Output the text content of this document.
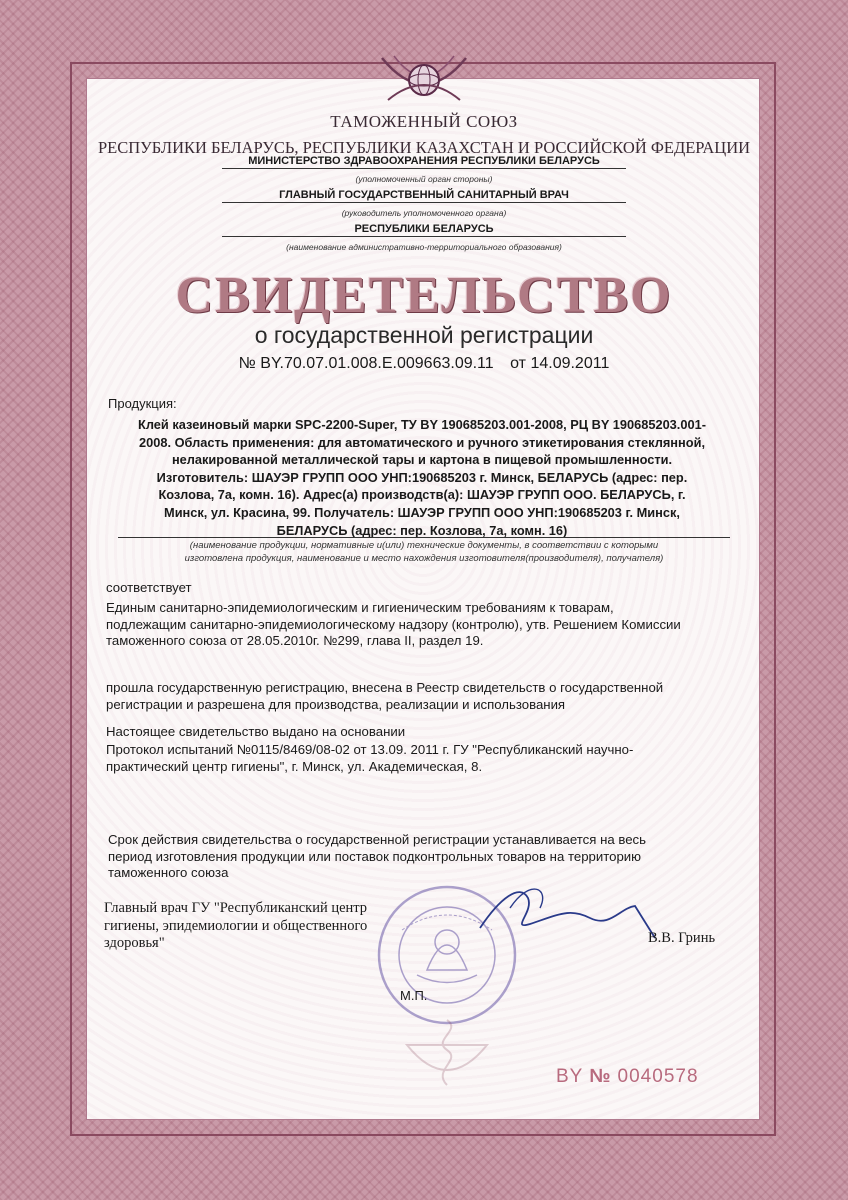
ТАМОЖЕННЫЙ СОЮЗ
РЕСПУБЛИКИ БЕЛАРУСЬ, РЕСПУБЛИКИ КАЗАХСТАН И РОССИЙСКОЙ ФЕДЕРАЦИИ
МИНИСТЕРСТВО ЗДРАВООХРАНЕНИЯ РЕСПУБЛИКИ БЕЛАРУСЬ
(уполномоченный орган стороны)
ГЛАВНЫЙ ГОСУДАРСТВЕННЫЙ САНИТАРНЫЙ ВРАЧ
(руководитель уполномоченного органа)
РЕСПУБЛИКИ БЕЛАРУСЬ
(наименование административно-территориального образования)
СВИДЕТЕЛЬСТВО
о государственной регистрации
№ BY.70.07.01.008.E.009663.09.11 от 14.09.2011
Продукция:
Клей казеиновый марки SPC-2200-Super, ТУ BY 190685203.001-2008, РЦ BY 190685203.001-
2008. Область применения: для автоматического и ручного этикетирования стеклянной,
нелакированной металлической тары и картона в пищевой промышленности.
Изготовитель: ШАУЭР ГРУПП ООО УНП:190685203 г. Минск, БЕЛАРУСЬ (адрес: пер.
Козлова, 7а, комн. 16). Адрес(а) производств(а): ШАУЭР ГРУПП ООО. БЕЛАРУСЬ, г.
Минск, ул. Красина, 99. Получатель: ШАУЭР ГРУПП ООО УНП:190685203 г. Минск,
БЕЛАРУСЬ (адрес: пер. Козлова, 7а, комн. 16)
(наименование продукции, нормативные и(или) технические документы, в соответствии с которыми
изготовлена продукция, наименование и место нахождения изготовителя(производителя), получателя)
соответствует
Единым санитарно-эпидемиологическим и гигиеническим требованиям к товарам,
подлежащим санитарно-эпидемиологическому надзору (контролю), утв. Решением Комиссии
таможенного союза от 28.05.2010г. №299, глава II, раздел 19.
прошла государственную регистрацию, внесена в Реестр свидетельств о государственной
регистрации и разрешена для производства, реализации и использования
Настоящее свидетельство выдано на основании
Протокол испытаний №0115/8469/08-02 от 13.09. 2011 г. ГУ "Республиканский научно-
практический центр гигиены", г. Минск, ул. Академическая, 8.
Срок действия свидетельства о государственной регистрации устанавливается на весь
период изготовления продукции или поставок подконтрольных товаров на территорию
таможенного союза
Главный врач ГУ "Республиканский центр
гигиены, эпидемиологии и общественного
здоровья"	В.В. Гринь
М.П.
BY № 0040578
